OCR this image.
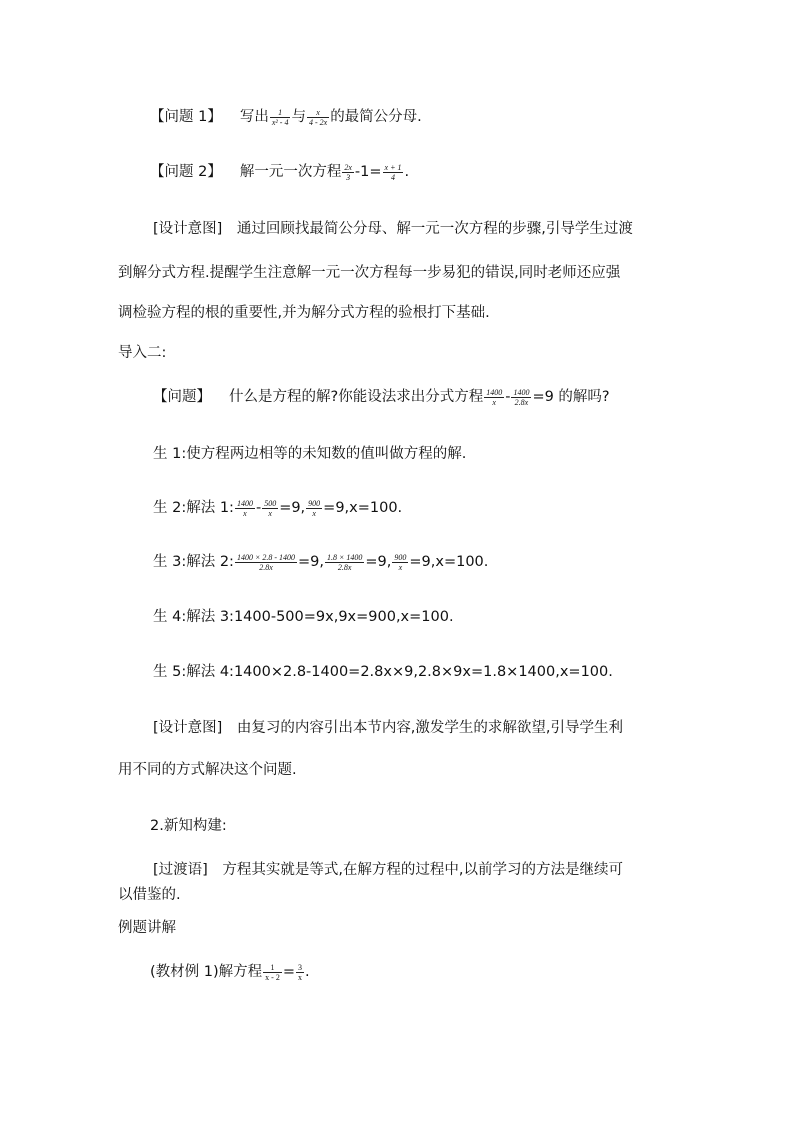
【问题 1】 写出 $\frac{1}{\text{x² - 4}}$ 与 $\frac{x}{4 - 2x}$ 的最简公分母.
【问题 2】 解一元一次方程 $\frac{2x}{3} -1= \frac{x + 1}{4}$ .
[设计意图]　通过回顾找最简公分母、解一元一次方程的步骤,引导学生过渡
到解分式方程.提醒学生注意解一元一次方程每一步易犯的错误,同时老师还应强
调检验方程的根的重要性,并为解分式方程的验根打下基础.
导入二:
【问题】 什么是方程的解?你能设法求出分式方程 $\frac{1400}{x} - \frac{1400}{2.8x} =9$ 的解吗?
生 1:使方程两边相等的未知数的值叫做方程的解.
生 2:解法 1: $\frac{1400}{x} - \frac{500}{x} =9$, $\frac{900}{x} =9,x=100$.
生 3:解法 2: $\frac{1400 \times 2.8 - 1400}{2.8x} =9$, $\frac{1.8 \times 1400}{2.8x} =9$, $\frac{900}{x} =9,x=100$.
生 4:解法 3:1400-500=9x,9x=900,x=100.
生 5:解法 4:1400×2.8-1400=2.8x×9,2.8×9x=1.8×1400,x=100.
[设计意图]　由复习的内容引出本节内容,激发学生的求解欲望,引导学生利
用不同的方式解决这个问题.
2.新知构建:
[过渡语]　方程其实就是等式,在解方程的过程中,以前学习的方法是继续可
以借鉴的.
例题讲解
(教材例 1)解方程 $\frac{1}{x - 2} = \frac{3}{x}$ .
